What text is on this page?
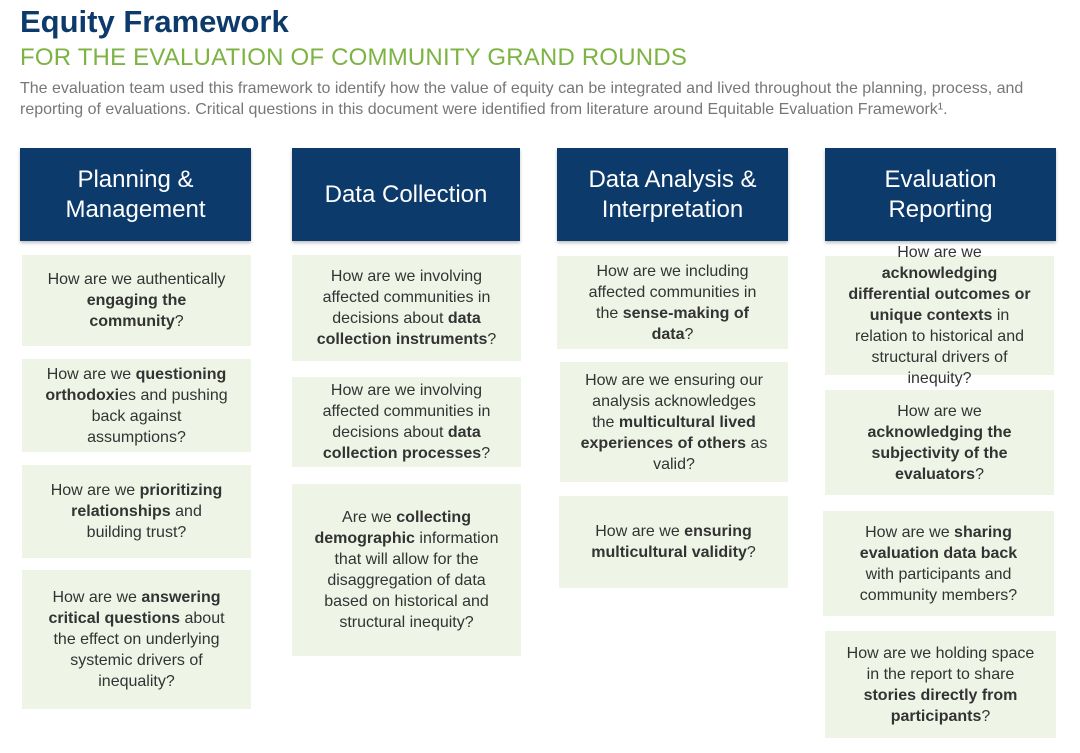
Equity Framework
FOR THE EVALUATION OF COMMUNITY GRAND ROUNDS
The evaluation team used this framework to identify how the value of equity can be integrated and lived throughout the planning, process, and reporting of evaluations. Critical questions in this document were identified from literature around Equitable Evaluation Framework¹.
Planning &
Management
How are we authentically
engaging the
community?
How are we questioning
orthodoxies and pushing
back against
assumptions?
How are we prioritizing
relationships and
building trust?
How are we answering
critical questions about
the effect on underlying
systemic drivers of
inequality?
Data Collection
How are we involving
affected communities in
decisions about data
collection instruments?
How are we involving
affected communities in
decisions about data
collection processes?
Are we collecting
demographic information
that will allow for the
disaggregation of data
based on historical and
structural inequity?
Data Analysis &
Interpretation
How are we including
affected communities in
the sense-making of
data?
How are we ensuring our
analysis acknowledges
the multicultural lived
experiences of others as
valid?
How are we ensuring
multicultural validity?
Evaluation
Reporting
How are we
acknowledging
differential outcomes or
unique contexts in
relation to historical and
structural drivers of
inequity?
How are we
acknowledging the
subjectivity of the
evaluators?
How are we sharing
evaluation data back
with participants and
community members?
How are we holding space
in the report to share
stories directly from
participants?
